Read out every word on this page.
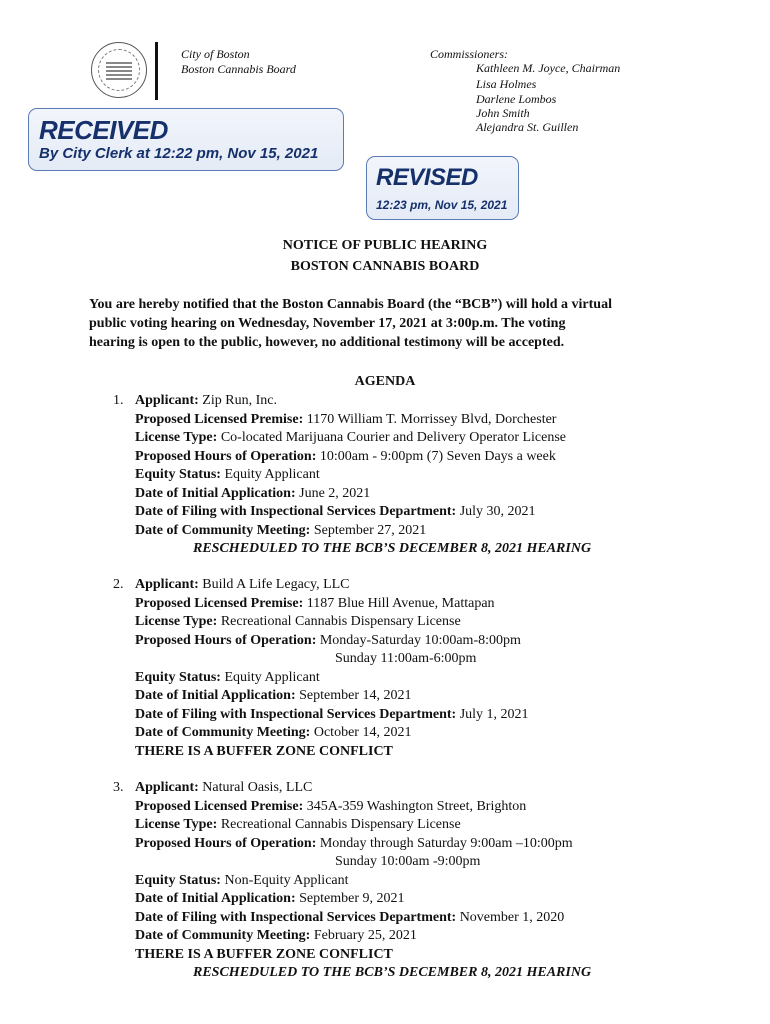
City of Boston
Boston Cannabis Board
Commissioners:
Kathleen M. Joyce, Chairman
Lisa Holmes
Darlene Lombos
John Smith
Alejandra St. Guillen
RECEIVED
By City Clerk at 12:22 pm, Nov 15, 2021
REVISED
12:23 pm, Nov 15, 2021
NOTICE OF PUBLIC HEARING
BOSTON CANNABIS BOARD
You are hereby notified that the Boston Cannabis Board (the “BCB”) will hold a virtual
public voting hearing on Wednesday, November 17, 2021 at 3:00p.m. The voting
hearing is open to the public, however, no additional testimony will be accepted.
AGENDA
1. Applicant: Zip Run, Inc.
Proposed Licensed Premise: 1170 William T. Morrissey Blvd, Dorchester
License Type: Co-located Marijuana Courier and Delivery Operator License
Proposed Hours of Operation: 10:00am - 9:00pm (7) Seven Days a week
Equity Status: Equity Applicant
Date of Initial Application: June 2, 2021
Date of Filing with Inspectional Services Department: July 30, 2021
Date of Community Meeting: September 27, 2021
RESCHEDULED TO THE BCB’S DECEMBER 8, 2021 HEARING
2. Applicant: Build A Life Legacy, LLC
Proposed Licensed Premise: 1187 Blue Hill Avenue, Mattapan
License Type: Recreational Cannabis Dispensary License
Proposed Hours of Operation: Monday-Saturday 10:00am-8:00pm
Sunday 11:00am-6:00pm
Equity Status: Equity Applicant
Date of Initial Application: September 14, 2021
Date of Filing with Inspectional Services Department: July 1, 2021
Date of Community Meeting: October 14, 2021
THERE IS A BUFFER ZONE CONFLICT
3. Applicant: Natural Oasis, LLC
Proposed Licensed Premise: 345A-359 Washington Street, Brighton
License Type: Recreational Cannabis Dispensary License
Proposed Hours of Operation: Monday through Saturday 9:00am –10:00pm
Sunday 10:00am -9:00pm
Equity Status: Non-Equity Applicant
Date of Initial Application: September 9, 2021
Date of Filing with Inspectional Services Department: November 1, 2020
Date of Community Meeting: February 25, 2021
THERE IS A BUFFER ZONE CONFLICT
RESCHEDULED TO THE BCB’S DECEMBER 8, 2021 HEARING
